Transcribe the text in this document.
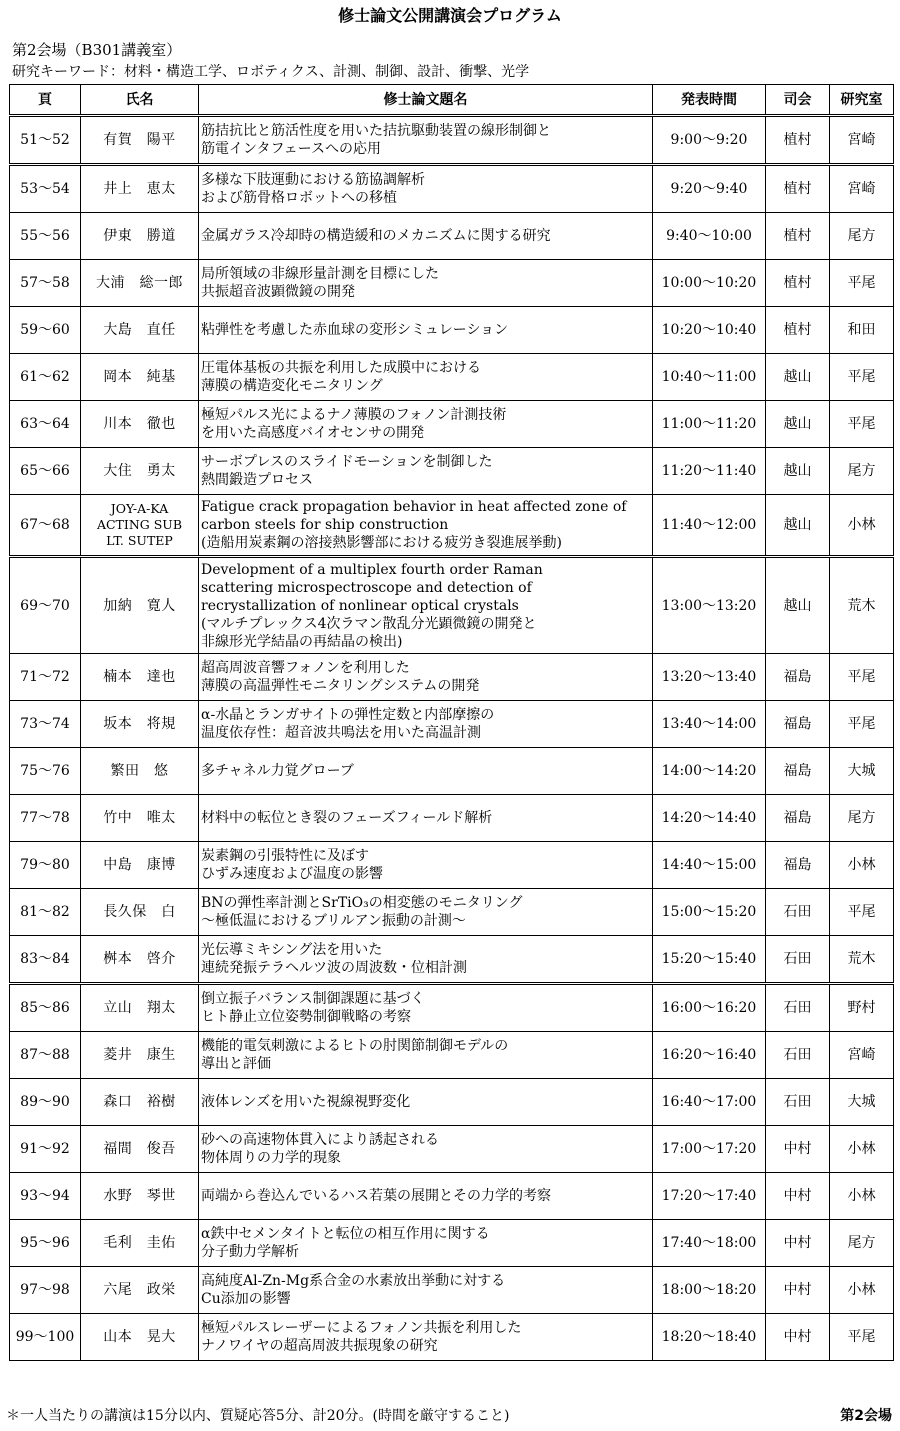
修士論文公開講演会プログラム
第2会場（B301講義室）
研究キーワード：材料・構造工学、ロボティクス、計測、制御、設計、衝撃、光学
頁	氏名	修士論文題名	発表時間	司会	研究室
51～52	有賀　陽平	筋拮抗比と筋活性度を用いた拮抗駆動装置の線形制御と
筋電インタフェースへの応用	9:00～9:20	植村	宮崎
53～54	井上　恵太	多様な下肢運動における筋協調解析
および筋骨格ロボットへの移植	9:20～9:40	植村	宮崎
55～56	伊東　勝道	金属ガラス冷却時の構造緩和のメカニズムに関する研究	9:40～10:00	植村	尾方
57～58	大浦　総一郎	局所領域の非線形量計測を目標にした
共振超音波顕微鏡の開発	10:00～10:20	植村	平尾
59～60	大島　直任	粘弾性を考慮した赤血球の変形シミュレーション	10:20～10:40	植村	和田
61～62	岡本　純基	圧電体基板の共振を利用した成膜中における
薄膜の構造変化モニタリング	10:40～11:00	越山	平尾
63～64	川本　徹也	極短パルス光によるナノ薄膜のフォノン計測技術
を用いた高感度バイオセンサの開発	11:00～11:20	越山	平尾
65～66	大住　勇太	サーボプレスのスライドモーションを制御した
熱間鍛造プロセス	11:20～11:40	越山	尾方
67～68	JOY-A-KA
ACTING SUB
LT. SUTEP	Fatigue crack propagation behavior in heat affected zone of
carbon steels for ship construction
(造船用炭素鋼の溶接熱影響部における疲労き裂進展挙動)	11:40～12:00	越山	小林
69～70	加納　寛人	Development of a multiplex fourth order Raman
scattering microspectroscope and detection of
recrystallization of nonlinear optical crystals
(マルチプレックス4次ラマン散乱分光顕微鏡の開発と
非線形光学結晶の再結晶の検出)	13:00～13:20	越山	荒木
71～72	楠本　達也	超高周波音響フォノンを利用した
薄膜の高温弾性モニタリングシステムの開発	13:20～13:40	福島	平尾
73～74	坂本　将規	α-水晶とランガサイトの弾性定数と内部摩擦の
温度依存性：超音波共鳴法を用いた高温計測	13:40～14:00	福島	平尾
75～76	繁田　悠	多チャネル力覚グローブ	14:00～14:20	福島	大城
77～78	竹中　唯太	材料中の転位とき裂のフェーズフィールド解析	14:20～14:40	福島	尾方
79～80	中島　康博	炭素鋼の引張特性に及ぼす
ひずみ速度および温度の影響	14:40～15:00	福島	小林
81～82	長久保　白	BNの弾性率計測とSrTiO₃の相変態のモニタリング
～極低温におけるブリルアン振動の計測～	15:00～15:20	石田	平尾
83～84	桝本　啓介	光伝導ミキシング法を用いた
連続発振テラヘルツ波の周波数・位相計測	15:20～15:40	石田	荒木
85～86	立山　翔太	倒立振子バランス制御課題に基づく
ヒト静止立位姿勢制御戦略の考察	16:00～16:20	石田	野村
87～88	菱井　康生	機能的電気刺激によるヒトの肘関節制御モデルの
導出と評価	16:20～16:40	石田	宮崎
89～90	森口　裕樹	液体レンズを用いた視線視野変化	16:40～17:00	石田	大城
91～92	福間　俊吾	砂への高速物体貫入により誘起される
物体周りの力学的現象	17:00～17:20	中村	小林
93～94	水野　琴世	両端から巻込んでいるハス若葉の展開とその力学的考察	17:20～17:40	中村	小林
95～96	毛利　圭佑	α鉄中セメンタイトと転位の相互作用に関する
分子動力学解析	17:40～18:00	中村	尾方
97～98	六尾　政栄	高純度Al-Zn-Mg系合金の水素放出挙動に対する
Cu添加の影響	18:00～18:20	中村	小林
99～100	山本　晃大	極短パルスレーザーによるフォノン共振を利用した
ナノワイヤの超高周波共振現象の研究	18:20～18:40	中村	平尾
＊一人当たりの講演は15分以内、質疑応答5分、計20分。(時間を厳守すること)	第2会場
